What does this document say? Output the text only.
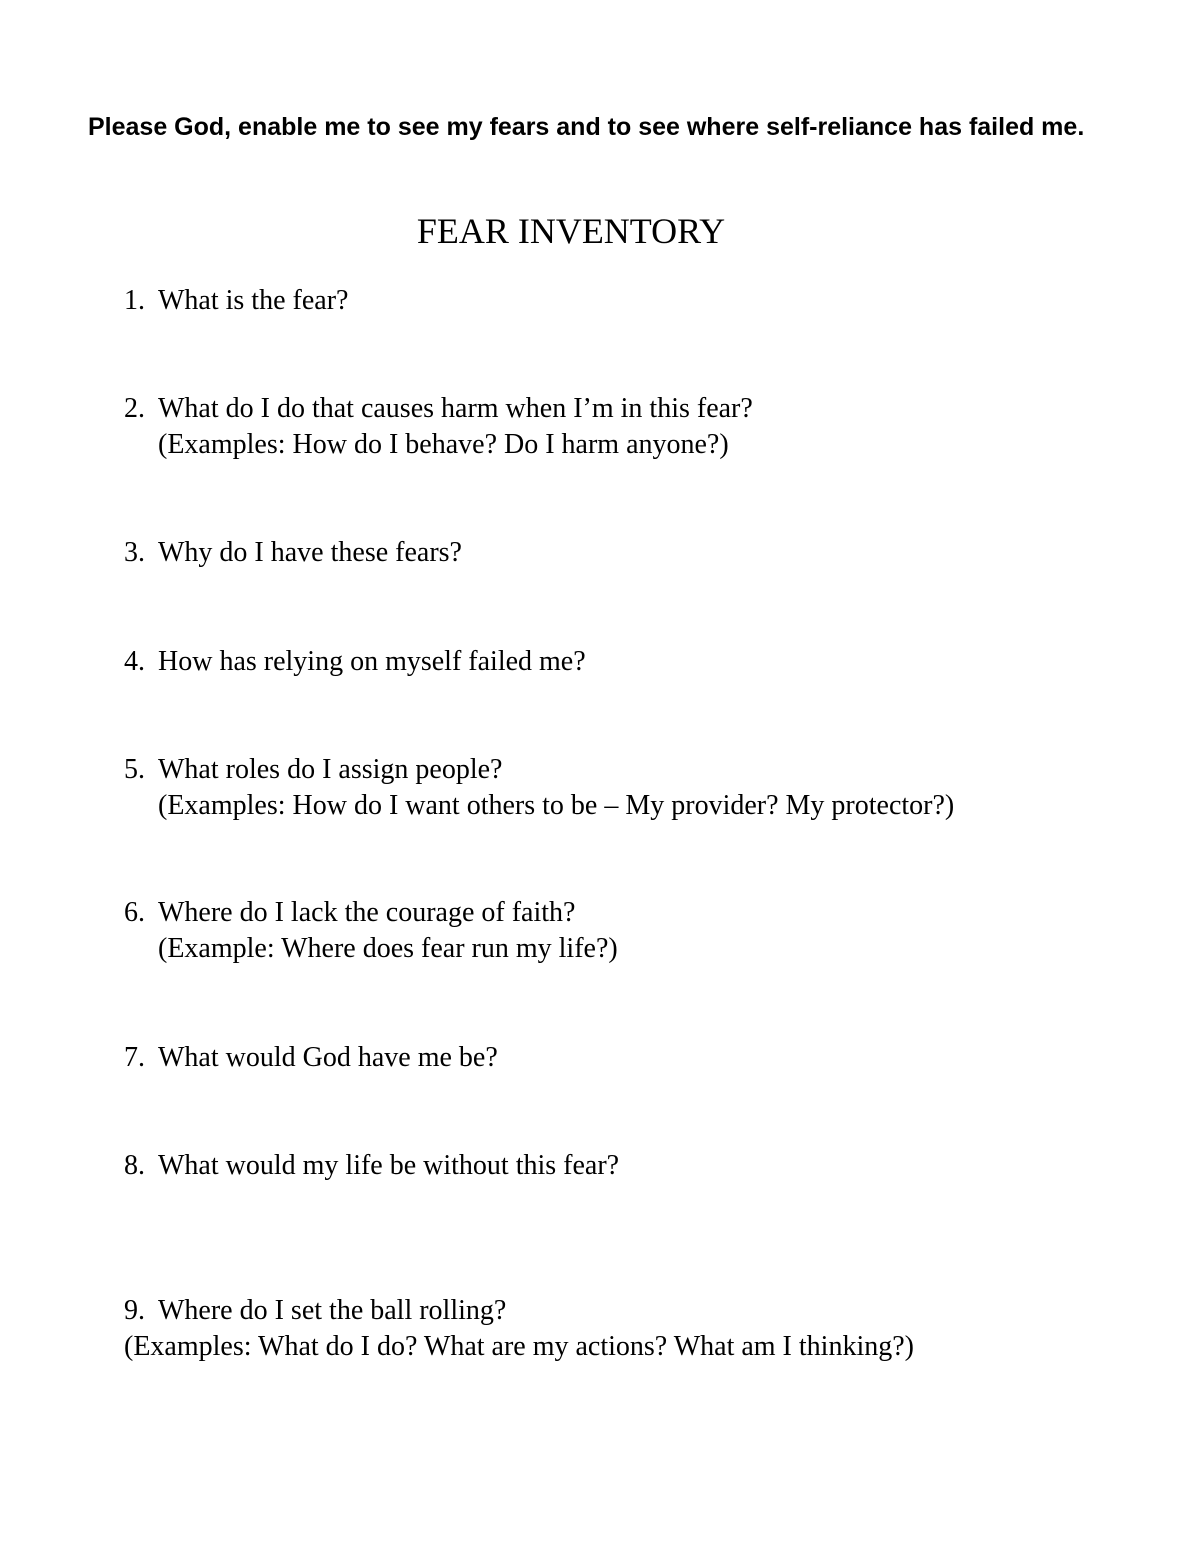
Please God, enable me to see my fears and to see where self-reliance has failed me.

FEAR INVENTORY
1. What is the fear?
2. What do I do that causes harm when I’m in this fear?
(Examples: How do I behave? Do I harm anyone?)
3. Why do I have these fears?
4. How has relying on myself failed me?
5. What roles do I assign people?
(Examples: How do I want others to be – My provider? My protector?)
6. Where do I lack the courage of faith?
(Example: Where does fear run my life?)
7. What would God have me be?
8. What would my life be without this fear?
9. Where do I set the ball rolling?
(Examples: What do I do? What are my actions? What am I thinking?)
